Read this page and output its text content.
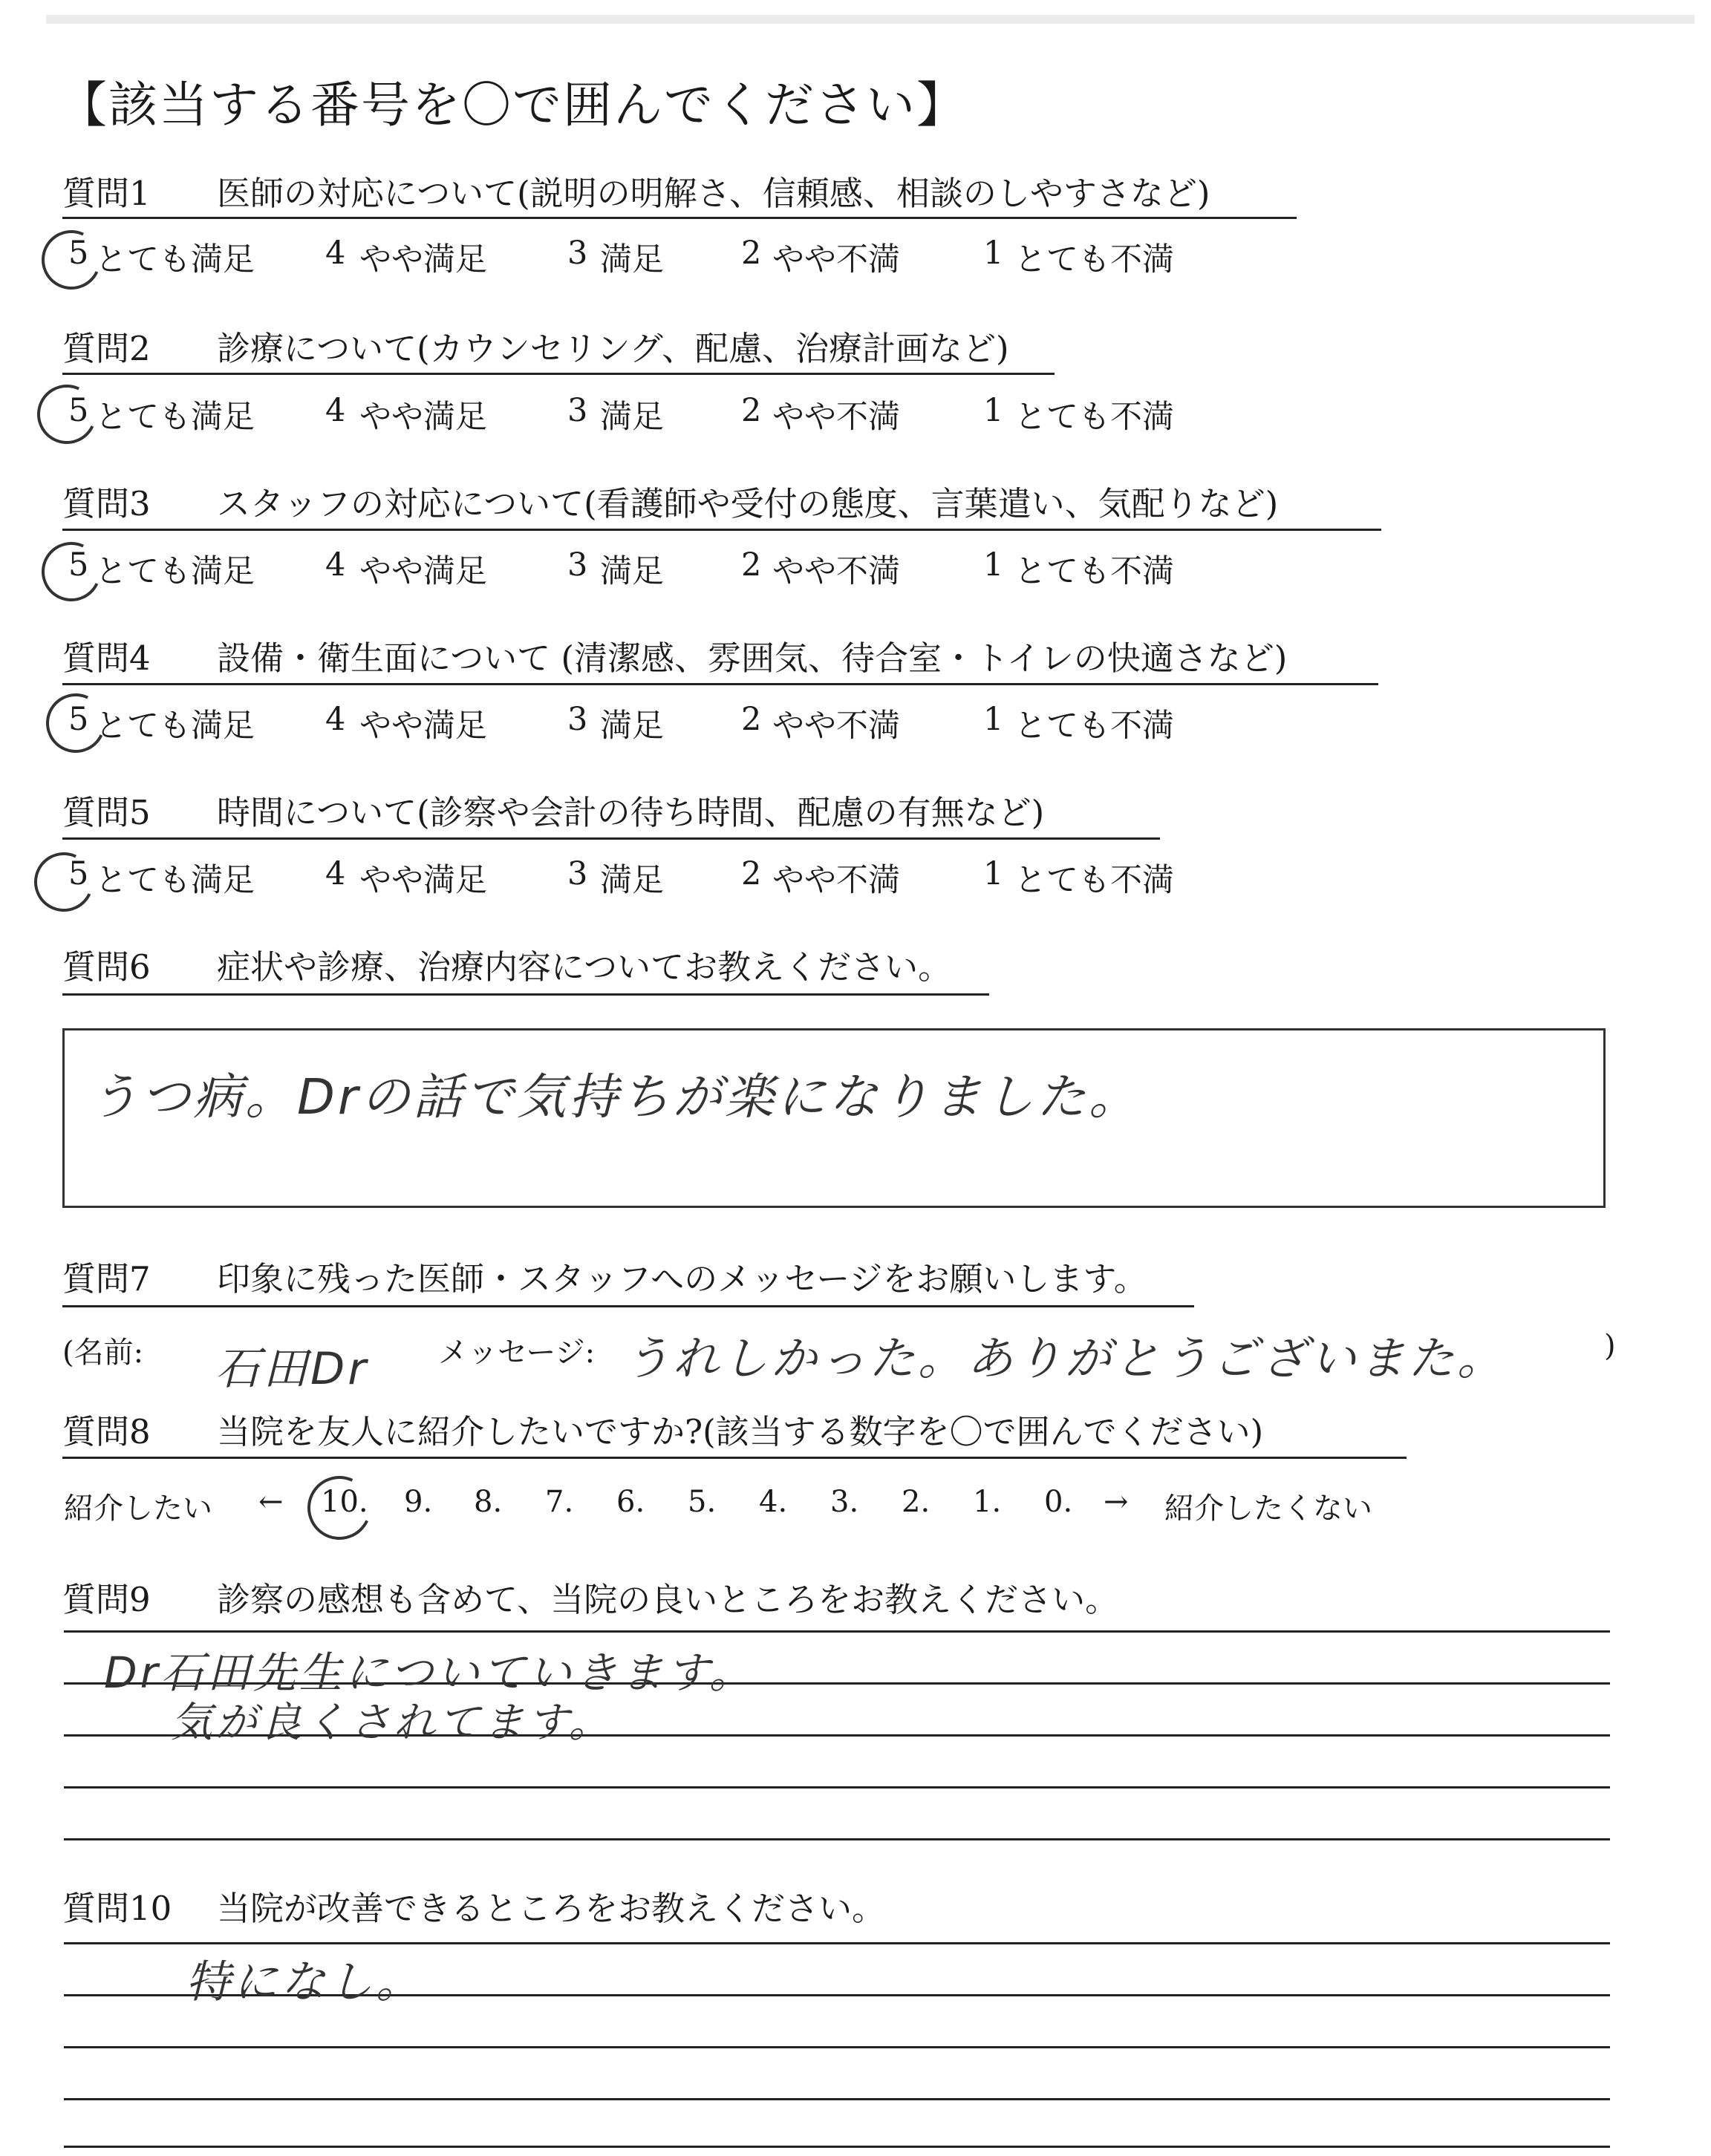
【該当する番号を〇で囲んでください】
質問1 医師の対応について(説明の明解さ、信頼感、相談のしやすさなど)
5 とても満足 4 やや満足	3 満足 2 やや不満	1 とても不満
質問2 診療について(カウンセリング、配慮、治療計画など)
5 とても満足 4 やや満足	3 満足 2 やや不満	1 とても不満
質問3 スタッフの対応について(看護師や受付の態度、言葉遣い、気配りなど)
5 とても満足 4 やや満足	3 満足 2 やや不満	1 とても不満
質問4 設備・衛生面について (清潔感、雰囲気、待合室・トイレの快適さなど)
5 とても満足 4 やや満足	3 満足 2 やや不満	1 とても不満
質問5 時間について(診察や会計の待ち時間、配慮の有無など)
5 とても満足 4 やや満足	3 満足 2 やや不満	1 とても不満
質問6 症状や診療、治療内容についてお教えください。
うつ病。Drの話で気持ちが楽になりました。
質問7 印象に残った医師・スタッフへのメッセージをお願いします。
(名前: 石田Dr メッセージ: うれしかった。ありがとうございまた。	)
質問8 当院を友人に紹介したいですか?(該当する数字を〇で囲んでください)
紹介したい ← 10. 9. 8. 7. 6. 5. 4. 3. 2. 1. 0. → 紹介したくない
質問9 診察の感想も含めて、当院の良いところをお教えください。
Dr石田先生についていきます。
気が良くされてます。
質問10 当院が改善できるところをお教えください。
特になし。
